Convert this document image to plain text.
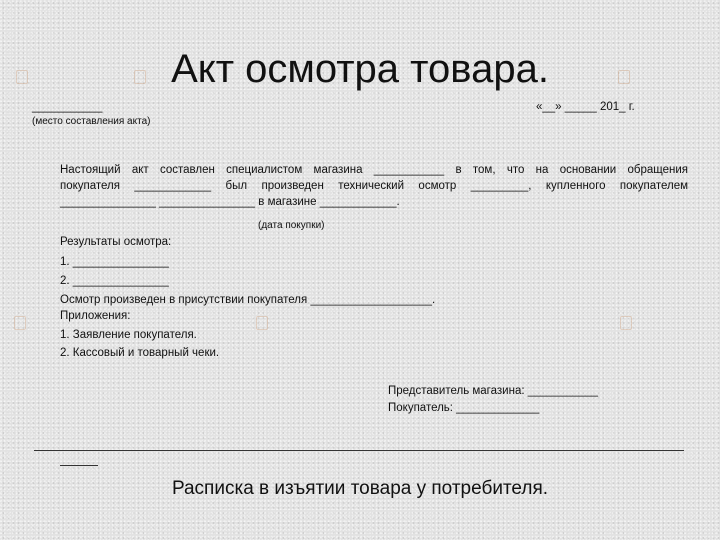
Акт осмотра товара.
___________
(место составления акта)
«__» _____ 201_ г.
Настоящий акт составлен специалистом магазина ___________ в том, что на основании обращения
покупателя ____________ был произведен технический осмотр _________, купленного покупателем
_______________ _______________ в магазине ____________.
(дата покупки)
Результаты осмотра:
1. _______________
2. _______________
Осмотр произведен в присутствии покупателя ___________________.
Приложения:
1. Заявление покупателя.
2. Кассовый и товарный чеки.
Представитель магазина: ___________
Покупатель: _____________
Расписка в изъятии товара у потребителя.
